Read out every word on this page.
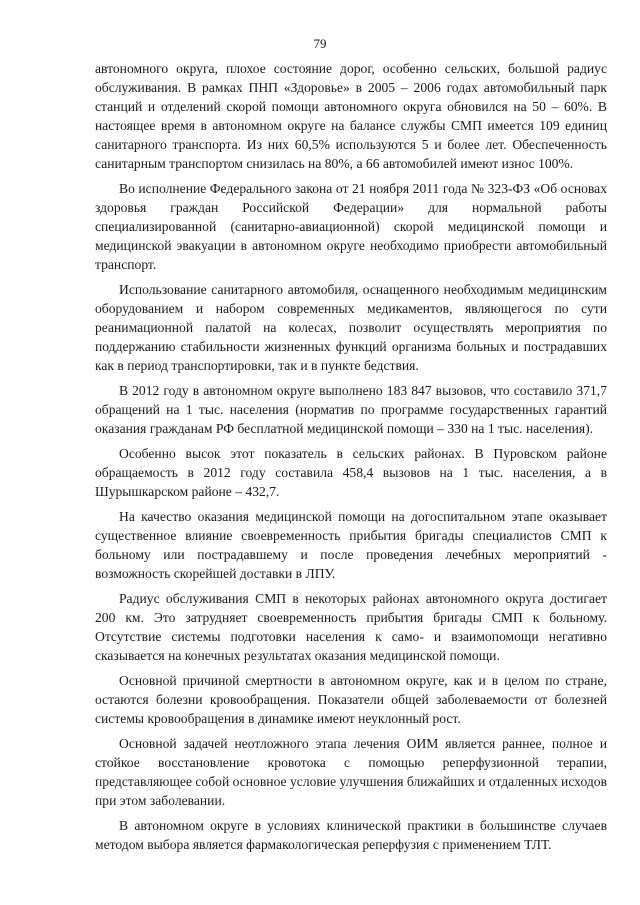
79

автономного округа, плохое состояние дорог, особенно сельских, большой радиус обслуживания. В рамках ПНП «Здоровье» в 2005 – 2006 годах автомобильный парк станций и отделений скорой помощи автономного округа обновился на 50 – 60%. В настоящее время в автономном округе на балансе службы СМП имеется 109 единиц санитарного транспорта. Из них 60,5% используются 5 и более лет. Обеспеченность санитарным транспортом снизилась на 80%, а 66 автомобилей имеют износ 100%.

Во исполнение Федерального закона от 21 ноября 2011 года № 323-ФЗ «Об основах здоровья граждан Российской Федерации» для нормальной работы специализированной (санитарно-авиационной) скорой медицинской помощи и медицинской эвакуации в автономном округе необходимо приобрести автомобильный транспорт.

Использование санитарного автомобиля, оснащенного необходимым медицинским оборудованием и набором современных медикаментов, являющегося по сути реанимационной палатой на колесах, позволит осуществлять мероприятия по поддержанию стабильности жизненных функций организма больных и пострадавших как в период транспортировки, так и в пункте бедствия.

В 2012 году в автономном округе выполнено 183 847 вызовов, что составило 371,7 обращений на 1 тыс. населения (норматив по программе государственных гарантий оказания гражданам РФ бесплатной медицинской помощи – 330 на 1 тыс. населения).

Особенно высок этот показатель в сельских районах. В Пуровском районе обращаемость в 2012 году составила 458,4 вызовов на 1 тыс. населения, а в Шурышкарском районе – 432,7.

На качество оказания медицинской помощи на догоспитальном этапе оказывает существенное влияние своевременность прибытия бригады специалистов СМП к больному или пострадавшему и после проведения лечебных мероприятий - возможность скорейшей доставки в ЛПУ.

Радиус обслуживания СМП в некоторых районах автономного округа достигает 200 км. Это затрудняет своевременность прибытия бригады СМП к больному. Отсутствие системы подготовки населения к само- и взаимопомощи негативно сказывается на конечных результатах оказания медицинской помощи.

Основной причиной смертности в автономном округе, как и в целом по стране, остаются болезни кровообращения. Показатели общей заболеваемости от болезней системы кровообращения в динамике имеют неуклонный рост.

Основной задачей неотложного этапа лечения ОИМ является раннее, полное и стойкое восстановление кровотока с помощью реперфузионной терапии, представляющее собой основное условие улучшения ближайших и отдаленных исходов при этом заболевании.

В автономном округе в условиях клинической практики в большинстве случаев методом выбора является фармакологическая реперфузия с применением ТЛТ.
